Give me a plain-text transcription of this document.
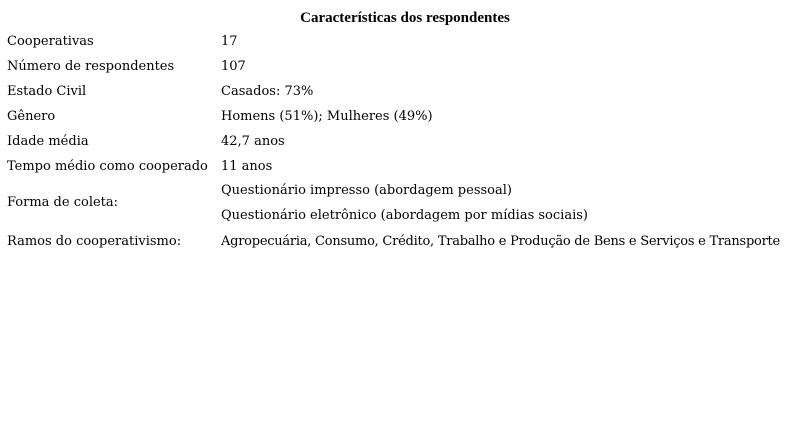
Características dos respondentes
Cooperativas	17
Número de respondentes	107
Estado Civil	Casados: 73%
Gênero	Homens (51%); Mulheres (49%)
Idade média	42,7 anos
Tempo médio como cooperado	11 anos
Forma de coleta:
Questionário impresso (abordagem pessoal)
Questionário eletrônico (abordagem por mídias sociais)
Ramos do cooperativismo:	Agropecuária, Consumo, Crédito, Trabalho e Produção de Bens e Serviços e Transporte
